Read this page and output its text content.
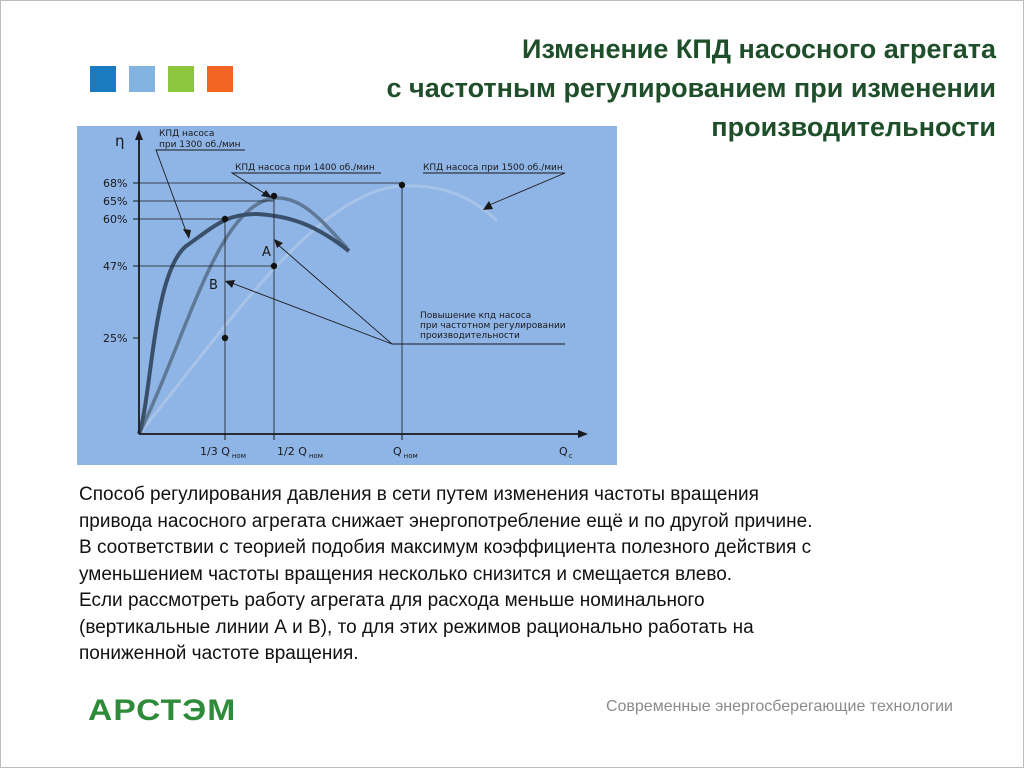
Изменение КПД насосного агрегата
с частотным регулированием при изменении
производительности
η
68%
65%
60%
47%
25%
А
В
1/3 Q $_{ном}$	1/2 Q $_{ном}$	Q $_{ном}$	$Q_с$
КПД насоса
при 1300 об./мин
КПД насоса при 1400 об./мин	КПД насоса при 1500 об./мин
Повышение кпд насоса
при частотном регулировании
производительности
Способ регулирования давления в сети путем изменения частоты вращения
привода насосного агрегата снижает энергопотребление ещё и по другой причине.
В соответствии с теорией подобия максимум коэффициента полезного действия с
уменьшением частоты вращения несколько снизится и смещается влево.
Если рассмотреть работу агрегата для расхода меньше номинального
(вертикальные линии А и В), то для этих режимов рационально работать на
пониженной частоте вращения.
АРСТЭМ	Современные энергосберегающие технологии
